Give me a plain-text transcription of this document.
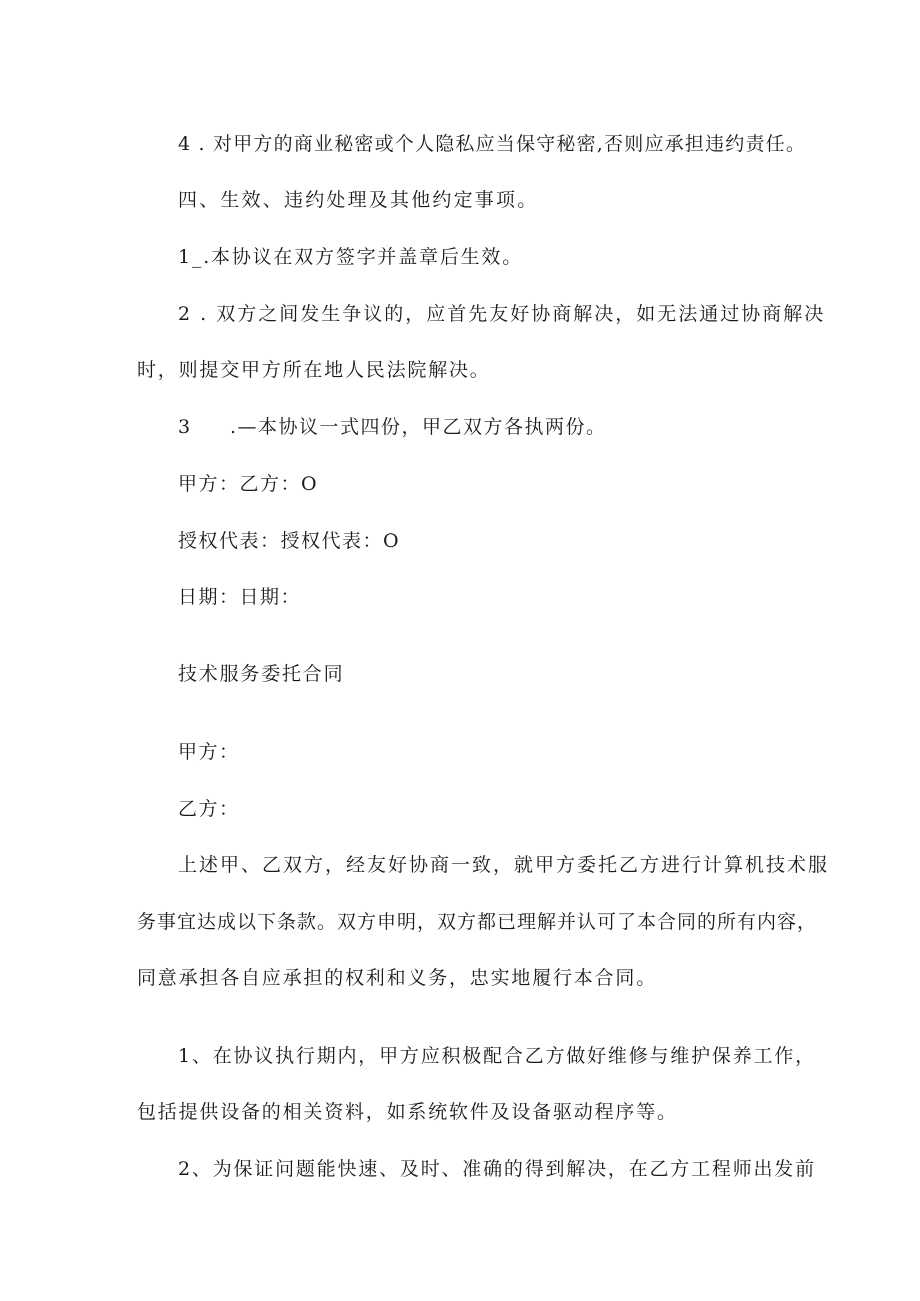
4 . 对甲方的商业秘密或个人隐私应当保守秘密,否则应承担违约责任。
四、生效、违约处理及其他约定事项。
1_.本协议在双方签字并盖章后生效。
2 . 双方之间发生争议的，应首先友好协商解决，如无法通过协商解决
时，则提交甲方所在地人民法院解决。
3 .—本协议一式四份，甲乙双方各执两份。
甲方：乙方：O
授权代表：授权代表：O
日期：日期：
技术服务委托合同
甲方：
乙方：
上述甲、乙双方，经友好协商一致，就甲方委托乙方进行计算机技术服
务事宜达成以下条款。双方申明，双方都已理解并认可了本合同的所有内容，
同意承担各自应承担的权利和义务，忠实地履行本合同。
1、在协议执行期内，甲方应积极配合乙方做好维修与维护保养工作，
包括提供设备的相关资料，如系统软件及设备驱动程序等。
2、为保证问题能快速、及时、准确的得到解决，在乙方工程师出发前
